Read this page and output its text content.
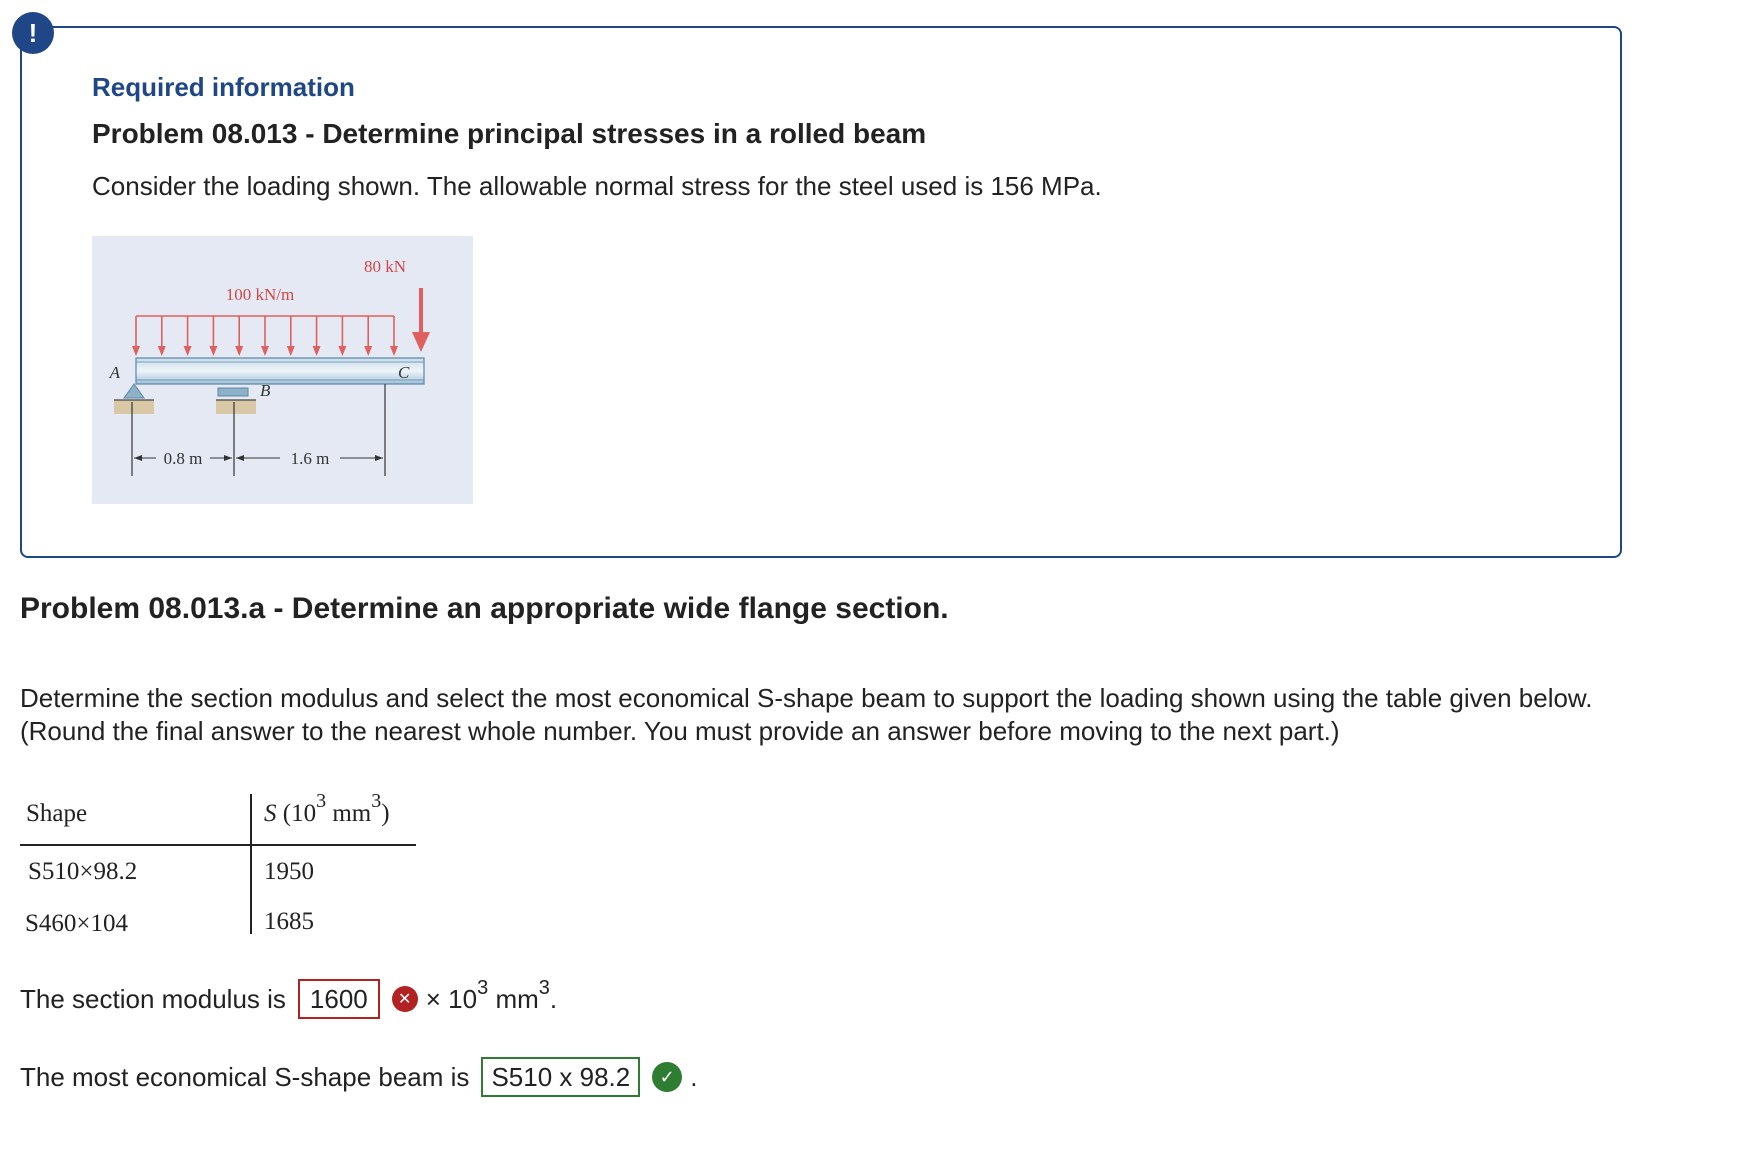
!
Required information
Problem 08.013 - Determine principal stresses in a rolled beam
Consider the loading shown. The allowable normal stress for the steel used is 156 MPa.
100 kN/m
80 kN
A
B
C
0.8 m	1.6 m
Problem 08.013.a - Determine an appropriate wide flange section.
Determine the section modulus and select the most economical S-shape beam to support the loading shown using the table given below. (Round the final answer to the nearest whole number. You must provide an answer before moving to the next part.)
Shape	S ($10^3$ $mm^3$)
S510×98.2	1950
S460×104	1685
The section modulus is 1600	✕ × $10^3$ $mm^3$.
The most economical S-shape beam is S510 x 98.2	✓ .
